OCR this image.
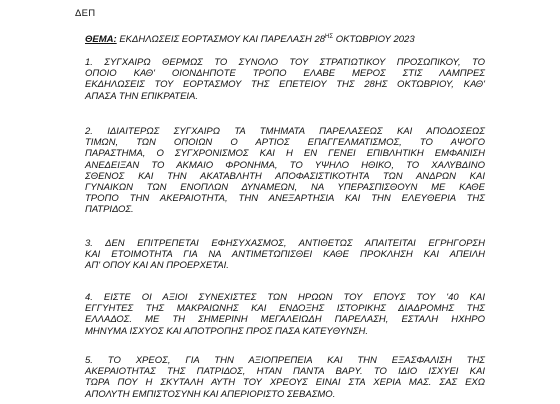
ΔΕΠ
ΘΕΜΑ: ΕΚΔΗΛΩΣΕΙΣ ΕΟΡΤΑΣΜΟΥ ΚΑΙ ΠΑΡΕΛΑΣΗ $28^{H\Sigma}$ ΟΚΤΩΒΡΙΟΥ 2023
1. ΣΥΓΧΑΙΡΩ ΘΕΡΜΩΣ ΤΟ ΣΥΝΟΛΟ ΤΟΥ ΣΤΡΑΤΙΩΤΙΚΟΥ ΠΡΟΣΩΠΙΚΟΥ, ΤΟ
ΟΠΟΙΟ ΚΑΘ' ΟΙΟΝΔΗΠΟΤΕ ΤΡΟΠΟ ΕΛΑΒΕ ΜΕΡΟΣ ΣΤΙΣ ΛΑΜΠΡΕΣ
ΕΚΔΗΛΩΣΕΙΣ ΤΟΥ ΕΟΡΤΑΣΜΟΥ ΤΗΣ ΕΠΕΤΕΙΟΥ ΤΗΣ 28ΗΣ ΟΚΤΩΒΡΙΟΥ, ΚΑΘ'
ΑΠΑΣΑ ΤΗΝ ΕΠΙΚΡΑΤΕΙΑ.
2. ΙΔΙΑΙΤΕΡΩΣ ΣΥΓΧΑΙΡΩ ΤΑ ΤΜΗΜΑΤΑ ΠΑΡΕΛΑΣΕΩΣ ΚΑΙ ΑΠΟΔΟΣΕΩΣ
ΤΙΜΩΝ, ΤΩΝ ΟΠΟΙΩΝ Ο ΑΡΤΙΟΣ ΕΠΑΓΓΕΛΜΑΤΙΣΜΟΣ, ΤΟ ΑΨΟΓΟ
ΠΑΡΑΣΤΗΜΑ, Ο ΣΥΓΧΡΟΝΙΣΜΟΣ ΚΑΙ Η ΕΝ ΓΕΝΕΙ ΕΠΙΒΛΗΤΙΚΗ ΕΜΦΑΝΙΣΗ
ΑΝΕΔΕΙΞΑΝ ΤΟ ΑΚΜΑΙΟ ΦΡΟΝΗΜΑ, ΤΟ ΥΨΗΛΟ ΗΘΙΚΟ, ΤΟ ΧΑΛΥΒΔΙΝΟ
ΣΘΕΝΟΣ ΚΑΙ ΤΗΝ ΑΚΑΤΑΒΛΗΤΗ ΑΠΟΦΑΣΙΣΤΙΚΟΤΗΤΑ ΤΩΝ ΑΝΔΡΩΝ ΚΑΙ
ΓΥΝΑΙΚΩΝ ΤΩΝ ΕΝΟΠΛΩΝ ΔΥΝΑΜΕΩΝ, ΝΑ ΥΠΕΡΑΣΠΙΣΘΟΥΝ ΜΕ ΚΑΘΕ
ΤΡΟΠΟ ΤΗΝ ΑΚΕΡΑΙΟΤΗΤΑ, ΤΗΝ ΑΝΕΞΑΡΤΗΣΙΑ ΚΑΙ ΤΗΝ ΕΛΕΥΘΕΡΙΑ ΤΗΣ
ΠΑΤΡΙΔΟΣ.
3. ΔΕΝ ΕΠΙΤΡΕΠΕΤΑΙ ΕΦΗΣΥΧΑΣΜΟΣ, ΑΝΤΙΘΕΤΩΣ ΑΠΑΙΤΕΙΤΑΙ ΕΓΡΗΓΟΡΣΗ
ΚΑΙ ΕΤΟΙΜΟΤΗΤΑ ΓΙΑ ΝΑ ΑΝΤΙΜΕΤΩΠΙΣΘΕΙ ΚΑΘΕ ΠΡΟΚΛΗΣΗ ΚΑΙ ΑΠΕΙΛΗ
ΑΠ' ΟΠΟΥ ΚΑΙ ΑΝ ΠΡΟΕΡΧΕΤΑΙ.
4. ΕΙΣΤΕ ΟΙ ΑΞΙΟΙ ΣΥΝΕΧΙΣΤΕΣ ΤΩΝ ΗΡΩΩΝ ΤΟΥ ΕΠΟΥΣ ΤΟΥ '40 ΚΑΙ
ΕΓΓΥΗΤΕΣ ΤΗΣ ΜΑΚΡΑΙΩΝΗΣ ΚΑΙ ΕΝΔΟΞΗΣ ΙΣΤΟΡΙΚΗΣ ΔΙΑΔΡΟΜΗΣ ΤΗΣ
ΕΛΛΑΔΟΣ. ΜΕ ΤΗ ΣΗΜΕΡΙΝΗ ΜΕΓΑΛΕΙΩΔΗ ΠΑΡΕΛΑΣΗ, ΕΣΤΑΛΗ ΗΧΗΡΟ
ΜΗΝΥΜΑ ΙΣΧΥΟΣ ΚΑΙ ΑΠΟΤΡΟΠΗΣ ΠΡΟΣ ΠΑΣΑ ΚΑΤΕΥΘΥΝΣΗ.
5. ΤΟ ΧΡΕΟΣ, ΓΙΑ ΤΗΝ ΑΞΙΟΠΡΕΠΕΙΑ ΚΑΙ ΤΗΝ ΕΞΑΣΦΑΛΙΣΗ ΤΗΣ
ΑΚΕΡΑΙΟΤΗΤΑΣ ΤΗΣ ΠΑΤΡΙΔΟΣ, ΗΤΑΝ ΠΑΝΤΑ ΒΑΡΥ. ΤΟ ΙΔΙΟ ΙΣΧΥΕΙ ΚΑΙ
ΤΩΡΑ ΠΟΥ Η ΣΚΥΤΑΛΗ ΑΥΤΗ ΤΟΥ ΧΡΕΟΥΣ ΕΙΝΑΙ ΣΤΑ ΧΕΡΙΑ ΜΑΣ. ΣΑΣ ΕΧΩ
ΑΠΟΛΥΤΗ ΕΜΠΙΣΤΟΣΥΝΗ ΚΑΙ ΑΠΕΡΙΟΡΙΣΤΟ ΣΕΒΑΣΜΟ.
